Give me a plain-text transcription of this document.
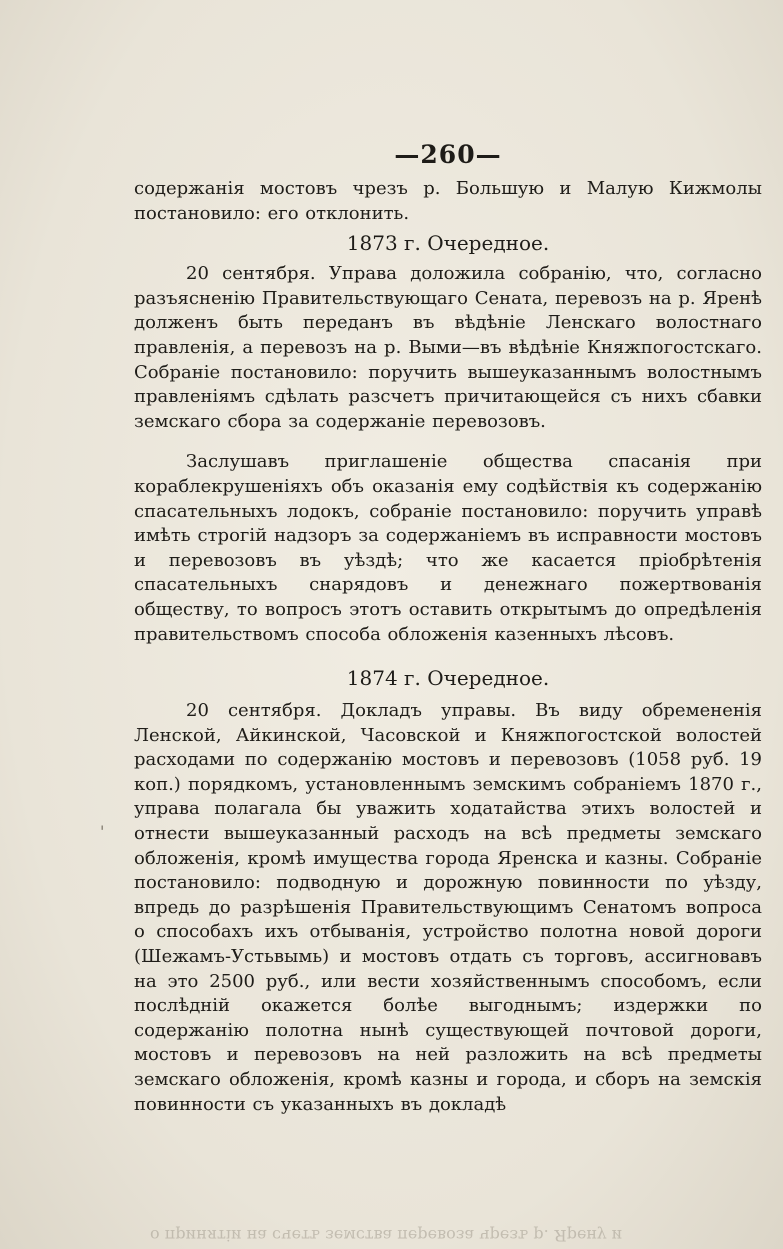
—260—

содержанія мостовъ чрезъ р. Большую и Малую Кижмолы постановило: его отклонить.

1873 г. Очередное.

20 сентября. Управа доложила собранію, что, согласно разъясненію Правительствующаго Сената, перевозъ на р. Яренѣ долженъ быть переданъ въ вѣдѣніе Ленскаго волостнаго правленія, а перевозъ на р. Выми—въ вѣдѣніе Княжпогостскаго. Собраніе постановило: поручить вышеуказаннымъ волостнымъ правленіямъ сдѣлать разсчетъ причитающейся съ нихъ сбавки земскаго сбора за содержаніе перевозовъ.

Заслушавъ приглашеніе общества спасанія при кораблекрушеніяхъ объ оказанія ему содѣйствія къ содержанію спасательныхъ лодокъ, собраніе постановило: поручить управѣ имѣть строгій надзоръ за содержаніемъ въ исправности мостовъ и перевозовъ въ уѣздѣ; что же касается пріобрѣтенія спасательныхъ снарядовъ и денежнаго пожертвованія обществу, то вопросъ этотъ оставить открытымъ до опредѣленія правительствомъ способа обложенія казенныхъ лѣсовъ.

1874 г. Очередное.

20 сентября. Докладъ управы. Въ виду обремененія Ленской, Айкинской, Часовской и Княжпогостской волостей расходами по содержанію мостовъ и перевозовъ (1058 руб. 19 коп.) порядкомъ, установленнымъ земскимъ собраніемъ 1870 г., управа полагала бы уважить ходатайства этихъ волостей и отнести вышеуказанный расходъ на всѣ предметы земскаго обложенія, кромѣ имущества города Яренска и казны. Собраніе постановило: подводную и дорожную повинности по уѣзду, впредь до разрѣшенія Правительствующимъ Сенатомъ вопроса о способахъ ихъ отбыванія, устройство полотна новой дороги (Шежамъ-Устьвымь) и мостовъ отдать съ торговъ, ассигновавъ на это 2500 руб., или вести хозяйственнымъ способомъ, если послѣдній окажется болѣе выгоднымъ; издержки по содержанію полотна нынѣ существующей почтовой дороги, мостовъ и перевозовъ на ней разложить на всѣ предметы земскаго обложенія, кромѣ казны и города, и сборъ на земскія повинности съ указанныхъ въ докладѣ

'
о принятіи на счетъ земства перевоза чрезъ р. Ярену и
